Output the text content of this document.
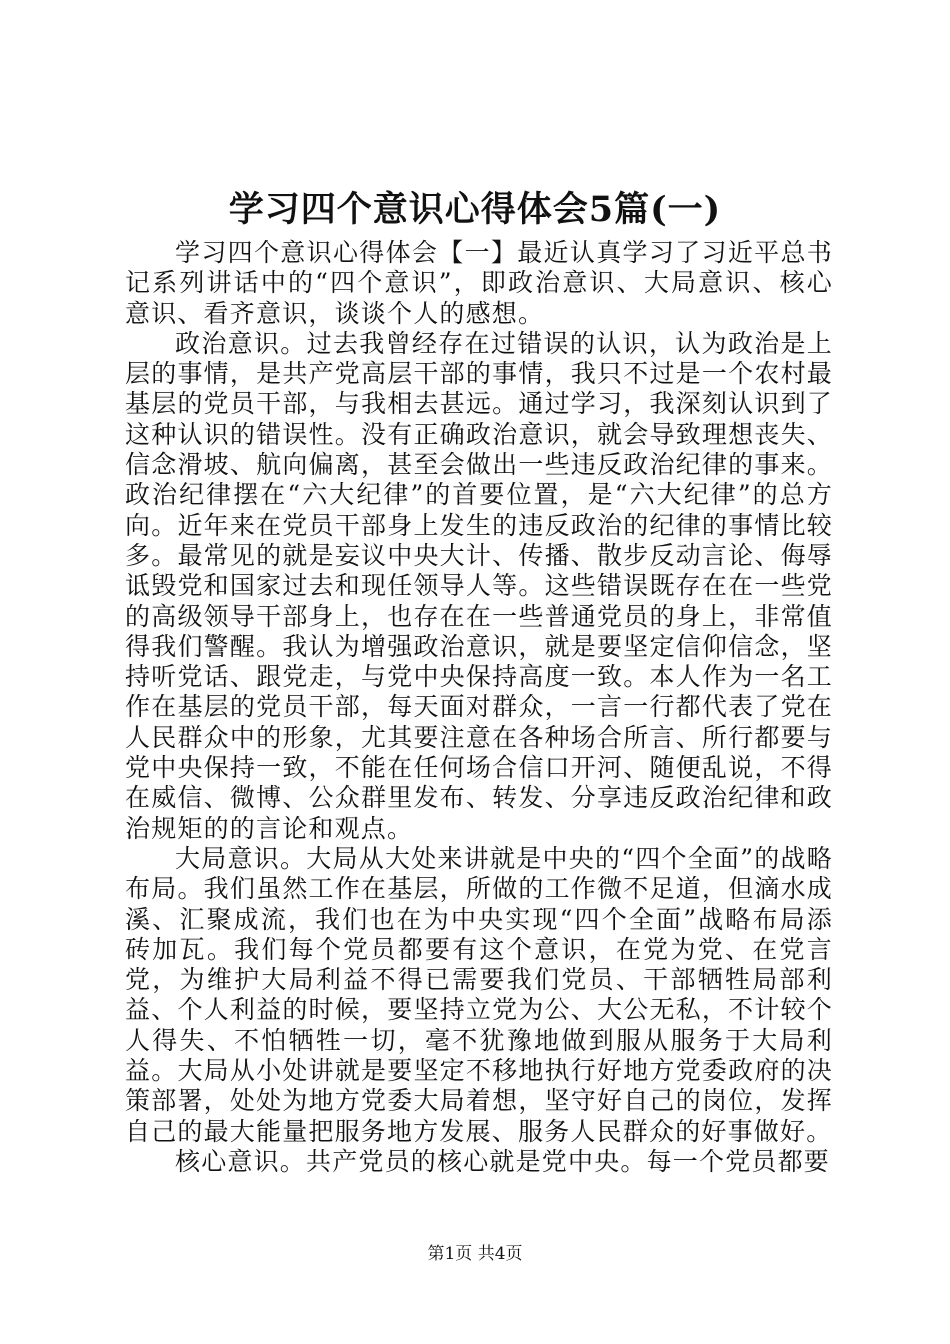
学习四个意识心得体会5篇(一)

学习四个意识心得体会【一】最近认真学习了习近平总书记系列讲话中的“四个意识”，即政治意识、大局意识、核心意识、看齐意识，谈谈个人的感想。

政治意识。过去我曾经存在过错误的认识，认为政治是上层的事情，是共产党高层干部的事情，我只不过是一个农村最基层的党员干部，与我相去甚远。通过学习，我深刻认识到了这种认识的错误性。没有正确政治意识，就会导致理想丧失、信念滑坡、航向偏离，甚至会做出一些违反政治纪律的事来。政治纪律摆在“六大纪律”的首要位置，是“六大纪律”的总方向。近年来在党员干部身上发生的违反政治的纪律的事情比较多。最常见的就是妄议中央大计、传播、散步反动言论、侮辱诋毁党和国家过去和现任领导人等。这些错误既存在在一些党的高级领导干部身上，也存在在一些普通党员的身上，非常值得我们警醒。我认为增强政治意识，就是要坚定信仰信念，坚持听党话、跟党走，与党中央保持高度一致。本人作为一名工作在基层的党员干部，每天面对群众，一言一行都代表了党在人民群众中的形象，尤其要注意在各种场合所言、所行都要与党中央保持一致，不能在任何场合信口开河、随便乱说，不得在威信、微博、公众群里发布、转发、分享违反政治纪律和政治规矩的的言论和观点。

大局意识。大局从大处来讲就是中央的“四个全面”的战略布局。我们虽然工作在基层，所做的工作微不足道，但滴水成溪、汇聚成流，我们也在为中央实现“四个全面”战略布局添砖加瓦。我们每个党员都要有这个意识，在党为党、在党言党，为维护大局利益不得已需要我们党员、干部牺牲局部利益、个人利益的时候，要坚持立党为公、大公无私，不计较个人得失、不怕牺牲一切，毫不犹豫地做到服从服务于大局利益。大局从小处讲就是要坚定不移地执行好地方党委政府的决策部署，处处为地方党委大局着想，坚守好自己的岗位，发挥自己的最大能量把服务地方发展、服务人民群众的好事做好。

核心意识。共产党员的核心就是党中央。每一个党员都要

第1页 共4页
